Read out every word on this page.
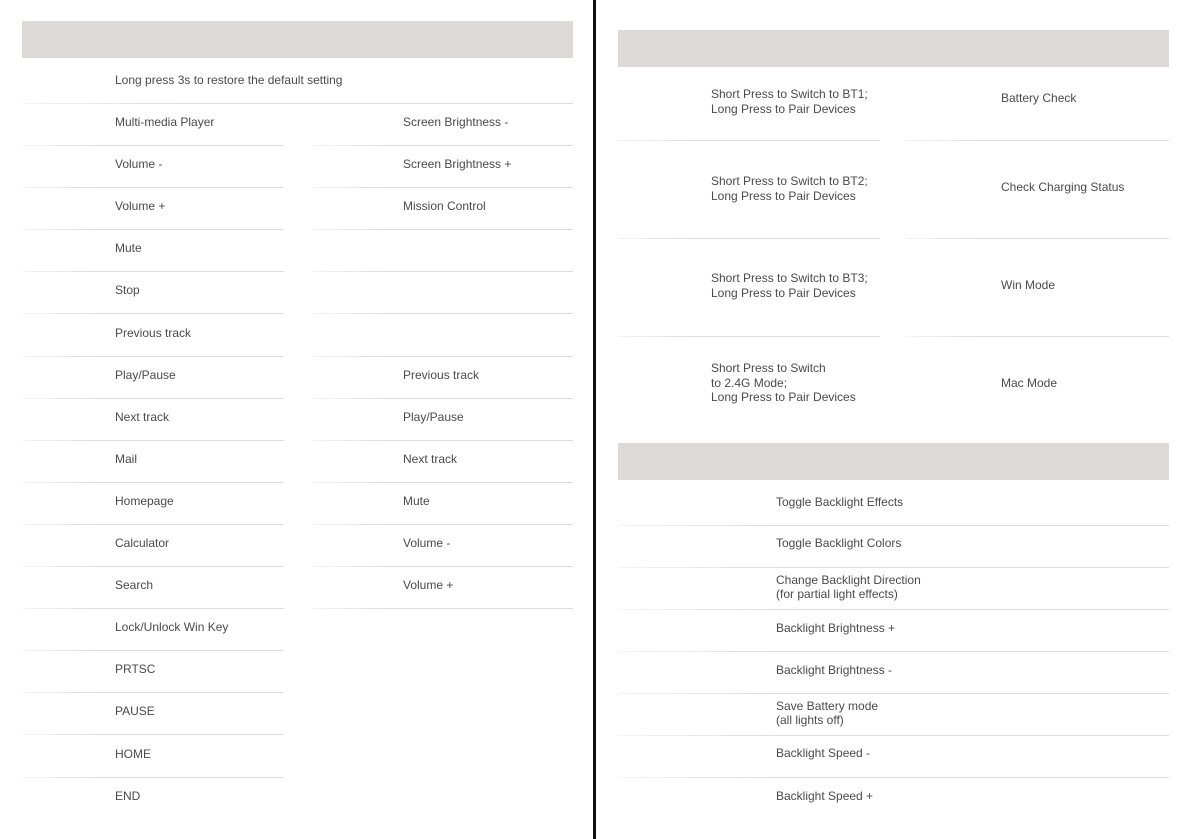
Long press 3s to restore the default setting
Multi-media Player
Volume -
Volume +
Mute
Stop
Previous track
Play/Pause
Next track
Mail
Homepage
Calculator
Search
Lock/Unlock Win Key
PRTSC
PAUSE
HOME
END
Screen Brightness -
Screen Brightness +
Mission Control
Previous track
Play/Pause
Next track
Mute
Volume -
Volume +
Short Press to Switch to BT1;
Long Press to Pair Devices
Battery Check
Short Press to Switch to BT2;
Long Press to Pair Devices
Check Charging Status
Short Press to Switch to BT3;
Long Press to Pair Devices
Win Mode
Short Press to Switch
to 2.4G Mode;
Long Press to Pair Devices
Mac Mode
Toggle Backlight Effects
Toggle Backlight Colors
Change Backlight Direction
(for partial light effects)
Backlight Brightness +
Backlight Brightness -
Save Battery mode
(all lights off)
Backlight Speed -
Backlight Speed +
